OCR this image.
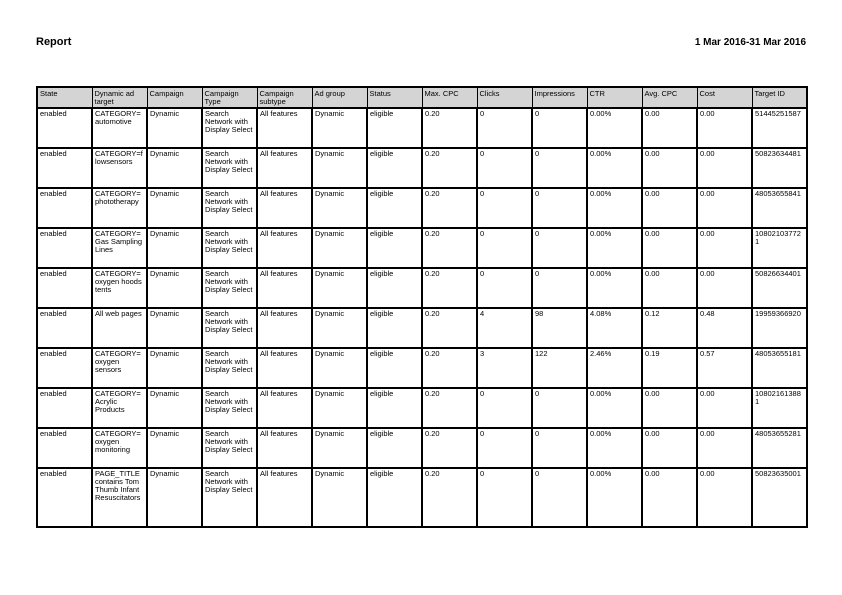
Report	1 Mar 2016-31 Mar 2016
State	Dynamic ad target	Campaign	Campaign Type	Campaign subtype	Ad group	Status	Max. CPC	Clicks	Impressions	CTR	Avg. CPC	Cost	Target ID
enabled	CATEGORY=automotive	Dynamic	Search Network with Display Select	All features	Dynamic	eligible	0.20	0	0	0.00%	0.00	0.00	51445251587
enabled	CATEGORY=flowsensors	Dynamic	Search Network with Display Select	All features	Dynamic	eligible	0.20	0	0	0.00%	0.00	0.00	50823634481
enabled	CATEGORY=phototherapy	Dynamic	Search Network with Display Select	All features	Dynamic	eligible	0.20	0	0	0.00%	0.00	0.00	48053655841
enabled	CATEGORY=Gas Sampling Lines	Dynamic	Search Network with Display Select	All features	Dynamic	eligible	0.20	0	0	0.00%	0.00	0.00	108021037721
enabled	CATEGORY=oxygen hoods tents	Dynamic	Search Network with Display Select	All features	Dynamic	eligible	0.20	0	0	0.00%	0.00	0.00	50826634401
enabled	All web pages	Dynamic	Search Network with Display Select	All features	Dynamic	eligible	0.20	4	98	4.08%	0.12	0.48	19959366920
enabled	CATEGORY=oxygen sensors	Dynamic	Search Network with Display Select	All features	Dynamic	eligible	0.20	3	122	2.46%	0.19	0.57	48053655181
enabled	CATEGORY=Acrylic Products	Dynamic	Search Network with Display Select	All features	Dynamic	eligible	0.20	0	0	0.00%	0.00	0.00	108021613881
enabled	CATEGORY=oxygen monitoring	Dynamic	Search Network with Display Select	All features	Dynamic	eligible	0.20	0	0	0.00%	0.00	0.00	48053655281
enabled	PAGE_TITLE contains Tom Thumb Infant Resuscitators	Dynamic	Search Network with Display Select	All features	Dynamic	eligible	0.20	0	0	0.00%	0.00	0.00	50823635001
